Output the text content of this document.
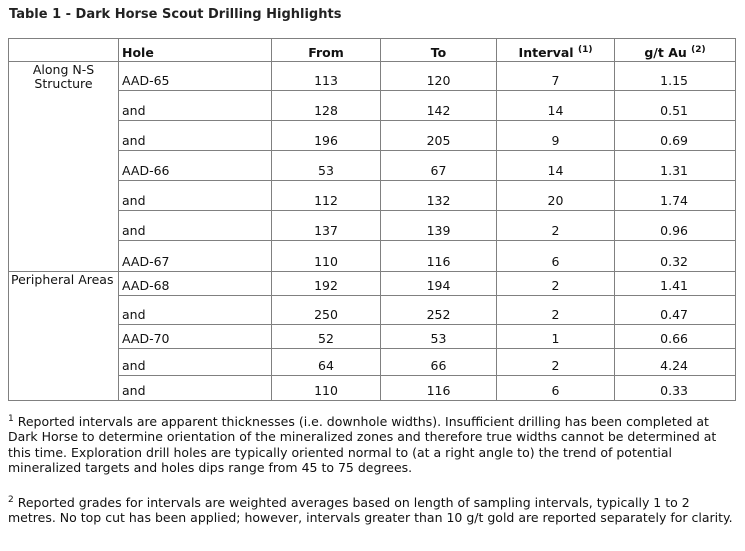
Table 1 - Dark Horse Scout Drilling Highlights
	Hole	From	To	Interval $^{(1)}$	g/t Au $^{(2)}$

Along N-S
Structure	AAD-65	113	120	7	1.15
	and	128	142	14	0.51
	and	196	205	9	0.69
	AAD-66	53	67	14	1.31
	and	112	132	20	1.74
	and	137	139	2	0.96
	AAD-67	110	116	6	0.32

Peripheral Areas	AAD-68	192	194	2	1.41
	and	250	252	2	0.47
	AAD-70	52	53	1	0.66
	and	64	66	2	4.24
	and	110	116	6	0.33
$^1$ Reported intervals are apparent thicknesses (i.e. downhole widths). Insufficient drilling has been completed at Dark Horse to determine orientation of the mineralized zones and therefore true widths cannot be determined at this time. Exploration drill holes are typically oriented normal to (at a right angle to) the trend of potential mineralized targets and holes dips range from 45 to 75 degrees.
$^2$ Reported grades for intervals are weighted averages based on length of sampling intervals, typically 1 to 2 metres. No top cut has been applied; however, intervals greater than 10 g/t gold are reported separately for clarity.
